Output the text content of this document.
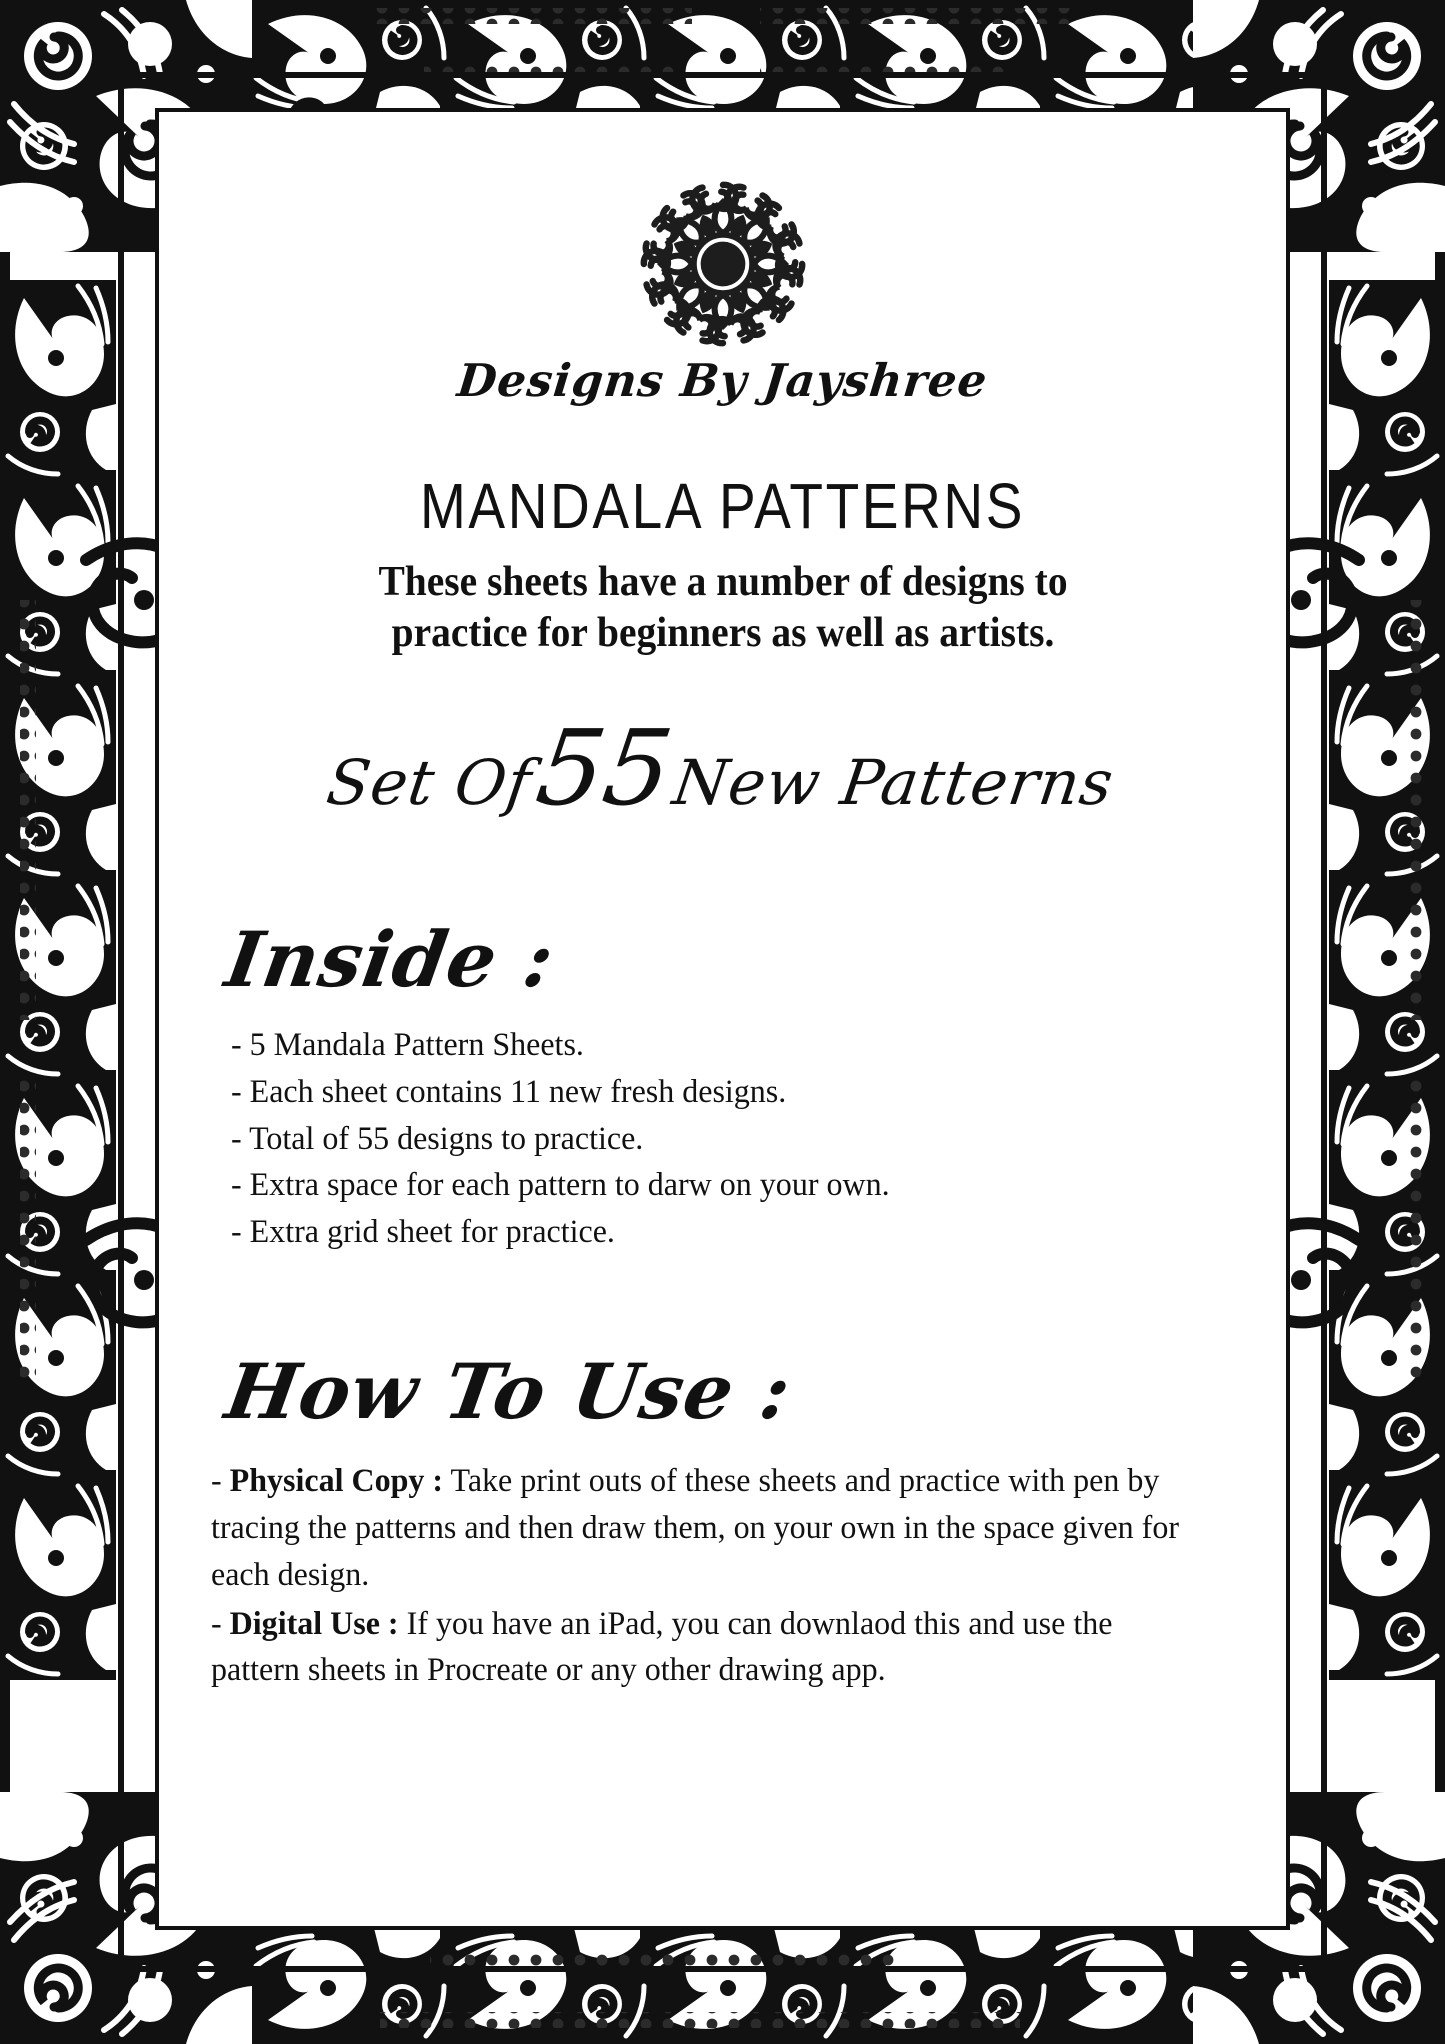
Designs By Jayshree
MANDALA PATTERNS
These sheets have a number of designs to
practice for beginners as well as artists.
Set Of 55 New Patterns
Inside :
- 5 Mandala Pattern Sheets.
- Each sheet contains 11 new fresh designs.
- Total of 55 designs to practice.
- Extra space for each pattern to darw on your own.
- Extra grid sheet for practice.
How To Use :

- Physical Copy : Take print outs of these sheets and practice with pen by tracing the patterns and then draw them, on your own in the space given for each design.

- Digital Use : If you have an iPad, you can downlaod this and use the pattern sheets in Procreate or any other drawing app.
